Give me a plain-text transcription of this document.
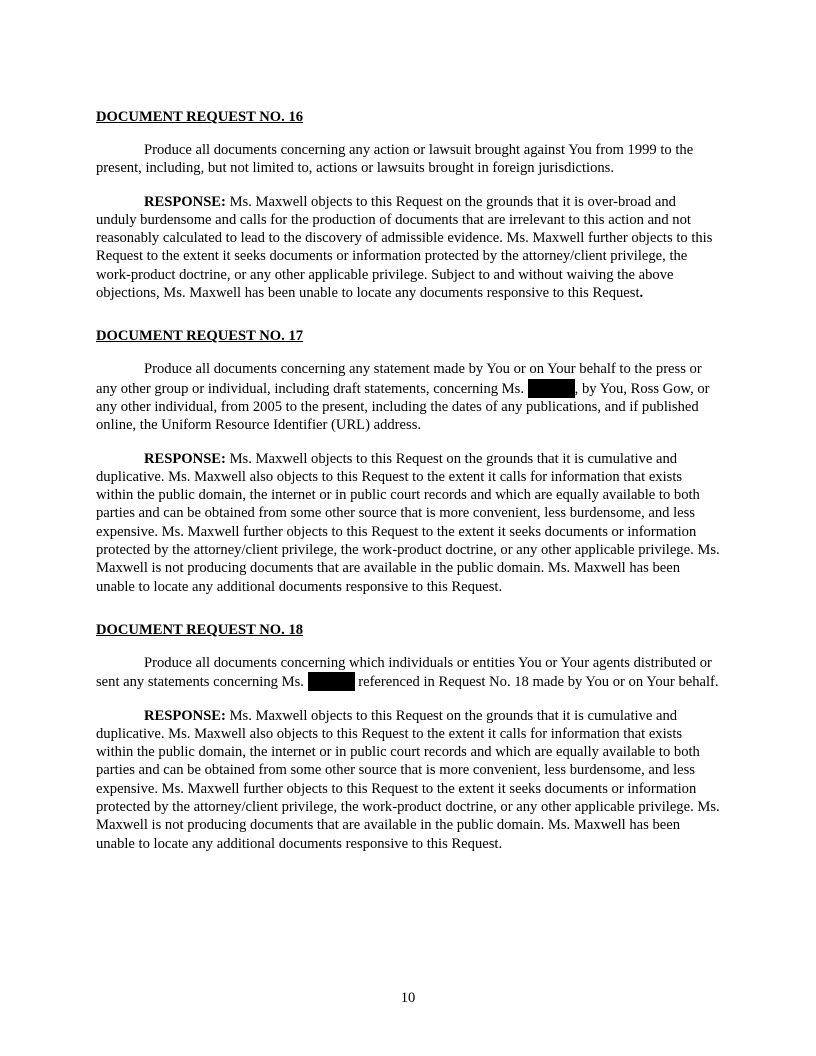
DOCUMENT REQUEST NO. 16

Produce all documents concerning any action or lawsuit brought against You from 1999 to the present, including, but not limited to, actions or lawsuits brought in foreign jurisdictions.

RESPONSE: Ms. Maxwell objects to this Request on the grounds that it is over-broad and unduly burdensome and calls for the production of documents that are irrelevant to this action and not reasonably calculated to lead to the discovery of admissible evidence. Ms. Maxwell further objects to this Request to the extent it seeks documents or information protected by the attorney/client privilege, the work-product doctrine, or any other applicable privilege. Subject to and without waiving the above objections, Ms. Maxwell has been unable to locate any documents responsive to this Request.

DOCUMENT REQUEST NO. 17

Produce all documents concerning any statement made by You or on Your behalf to the press or any other group or individual, including draft statements, concerning Ms.	, by You, Ross Gow, or any other individual, from 2005 to the present, including the dates of any publications, and if published online, the Uniform Resource Identifier (URL) address.

RESPONSE: Ms. Maxwell objects to this Request on the grounds that it is cumulative and duplicative. Ms. Maxwell also objects to this Request to the extent it calls for information that exists within the public domain, the internet or in public court records and which are equally available to both parties and can be obtained from some other source that is more convenient, less burdensome, and less expensive. Ms. Maxwell further objects to this Request to the extent it seeks documents or information protected by the attorney/client privilege, the work-product doctrine, or any other applicable privilege. Ms. Maxwell is not producing documents that are available in the public domain. Ms. Maxwell has been unable to locate any additional documents responsive to this Request.

DOCUMENT REQUEST NO. 18

Produce all documents concerning which individuals or entities You or Your agents distributed or sent any statements concerning Ms.	referenced in Request No. 18 made by You or on Your behalf.

RESPONSE: Ms. Maxwell objects to this Request on the grounds that it is cumulative and duplicative. Ms. Maxwell also objects to this Request to the extent it calls for information that exists within the public domain, the internet or in public court records and which are equally available to both parties and can be obtained from some other source that is more convenient, less burdensome, and less expensive. Ms. Maxwell further objects to this Request to the extent it seeks documents or information protected by the attorney/client privilege, the work-product doctrine, or any other applicable privilege. Ms. Maxwell is not producing documents that are available in the public domain. Ms. Maxwell has been unable to locate any additional documents responsive to this Request.

10
